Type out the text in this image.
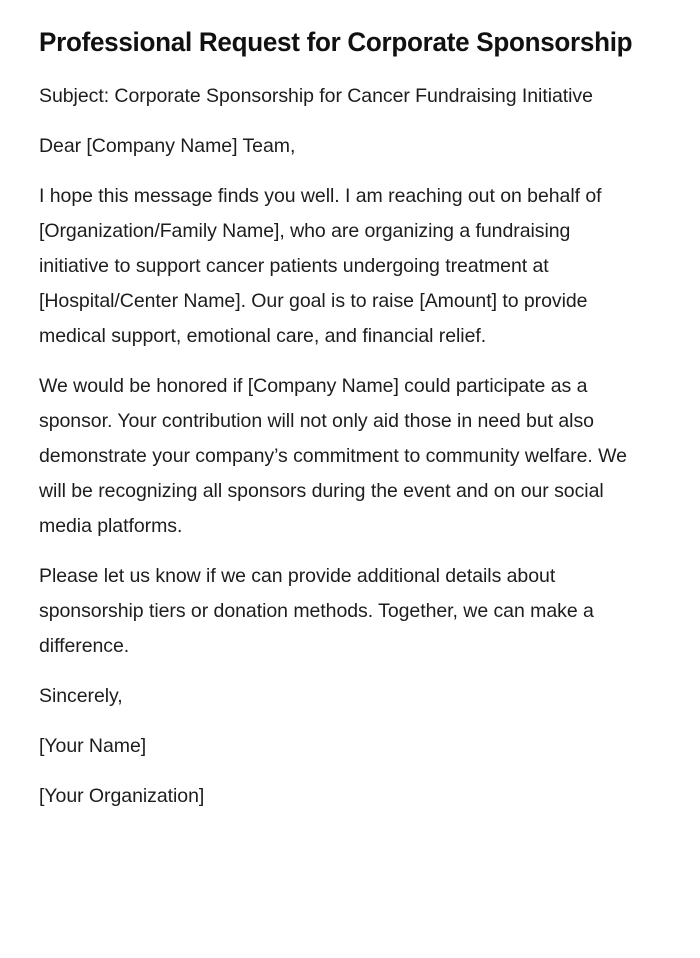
Professional Request for Corporate Sponsorship

Subject: Corporate Sponsorship for Cancer Fundraising Initiative

Dear [Company Name] Team,

I hope this message finds you well. I am reaching out on behalf of [Organization/Family Name], who are organizing a fundraising initiative to support cancer patients undergoing treatment at [Hospital/Center Name]. Our goal is to raise [Amount] to provide medical support, emotional care, and financial relief.

We would be honored if [Company Name] could participate as a sponsor. Your contribution will not only aid those in need but also demonstrate your company’s commitment to community welfare. We will be recognizing all sponsors during the event and on our social media platforms.

Please let us know if we can provide additional details about sponsorship tiers or donation methods. Together, we can make a difference.

Sincerely,

[Your Name]

[Your Organization]
